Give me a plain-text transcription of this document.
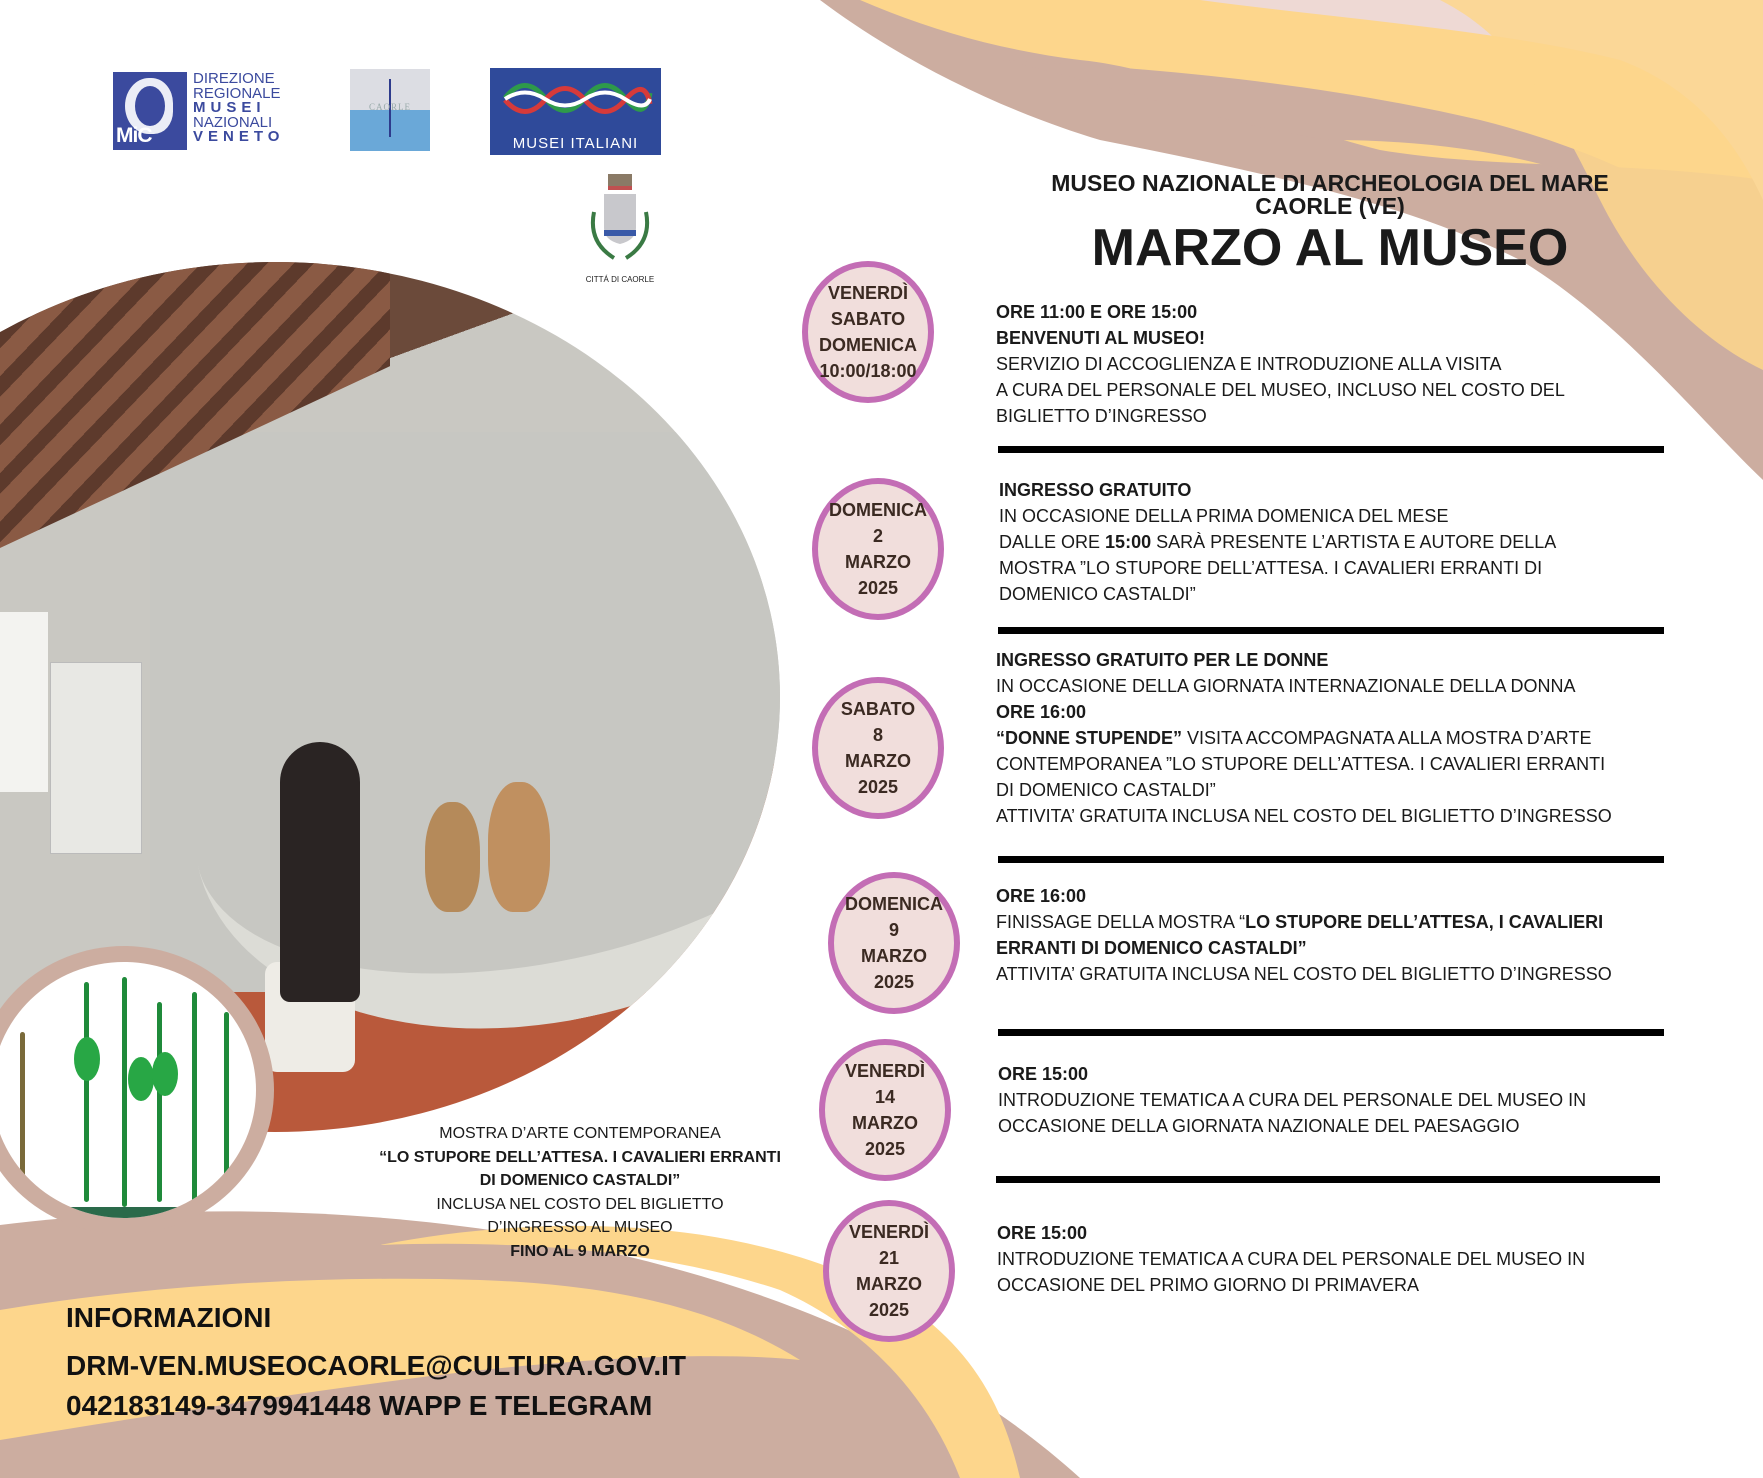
MiC
DIREZIONE
REGIONALE
MUSEI
NAZIONALI
VENETO
CAORLE
MUSEI ITALIANI
CITTÁ DI CAORLE
MOSTRA D’ARTE CONTEMPORANEA
“LO STUPORE DELL’ATTESA. I CAVALIERI ERRANTI
DI DOMENICO CASTALDI”
INCLUSA NEL COSTO DEL BIGLIETTO
D’INGRESSO AL MUSEO
FINO AL 9 MARZO
INFORMAZIONI
DRM-VEN.MUSEOCAORLE@CULTURA.GOV.IT
042183149-3479941448 WAPP E TELEGRAM
MUSEO NAZIONALE DI ARCHEOLOGIA DEL MARE
CAORLE (VE)
MARZO AL MUSEO
VENERDÌ
SABATO
DOMENICA
10:00/18:00
ORE 11:00 E ORE 15:00
BENVENUTI AL MUSEO!
SERVIZIO DI ACCOGLIENZA E INTRODUZIONE ALLA VISITA
A CURA DEL PERSONALE DEL MUSEO, INCLUSO NEL COSTO DEL
BIGLIETTO D’INGRESSO
DOMENICA
2
MARZO
2025
INGRESSO GRATUITO
IN OCCASIONE DELLA PRIMA DOMENICA DEL MESE
DALLE ORE 15:00 SARÀ PRESENTE L’ARTISTA E AUTORE DELLA
MOSTRA ”LO STUPORE DELL’ATTESA. I CAVALIERI ERRANTI DI
DOMENICO CASTALDI”
SABATO
8
MARZO
2025
INGRESSO GRATUITO PER LE DONNE
IN OCCASIONE DELLA GIORNATA INTERNAZIONALE DELLA DONNA
ORE 16:00
“DONNE STUPENDE” VISITA ACCOMPAGNATA ALLA MOSTRA D’ARTE
CONTEMPORANEA ”LO STUPORE DELL’ATTESA. I CAVALIERI ERRANTI
DI DOMENICO CASTALDI”
ATTIVITA’ GRATUITA INCLUSA NEL COSTO DEL BIGLIETTO D’INGRESSO
DOMENICA
9
MARZO
2025
ORE 16:00
FINISSAGE DELLA MOSTRA “LO STUPORE DELL’ATTESA, I CAVALIERI
ERRANTI DI DOMENICO CASTALDI”
ATTIVITA’ GRATUITA INCLUSA NEL COSTO DEL BIGLIETTO D’INGRESSO
VENERDÌ
14
MARZO
2025
ORE 15:00
INTRODUZIONE TEMATICA A CURA DEL PERSONALE DEL MUSEO IN
OCCASIONE DELLA GIORNATA NAZIONALE DEL PAESAGGIO
VENERDÌ
21
MARZO
2025
ORE 15:00
INTRODUZIONE TEMATICA A CURA DEL PERSONALE DEL MUSEO IN
OCCASIONE DEL PRIMO GIORNO DI PRIMAVERA
